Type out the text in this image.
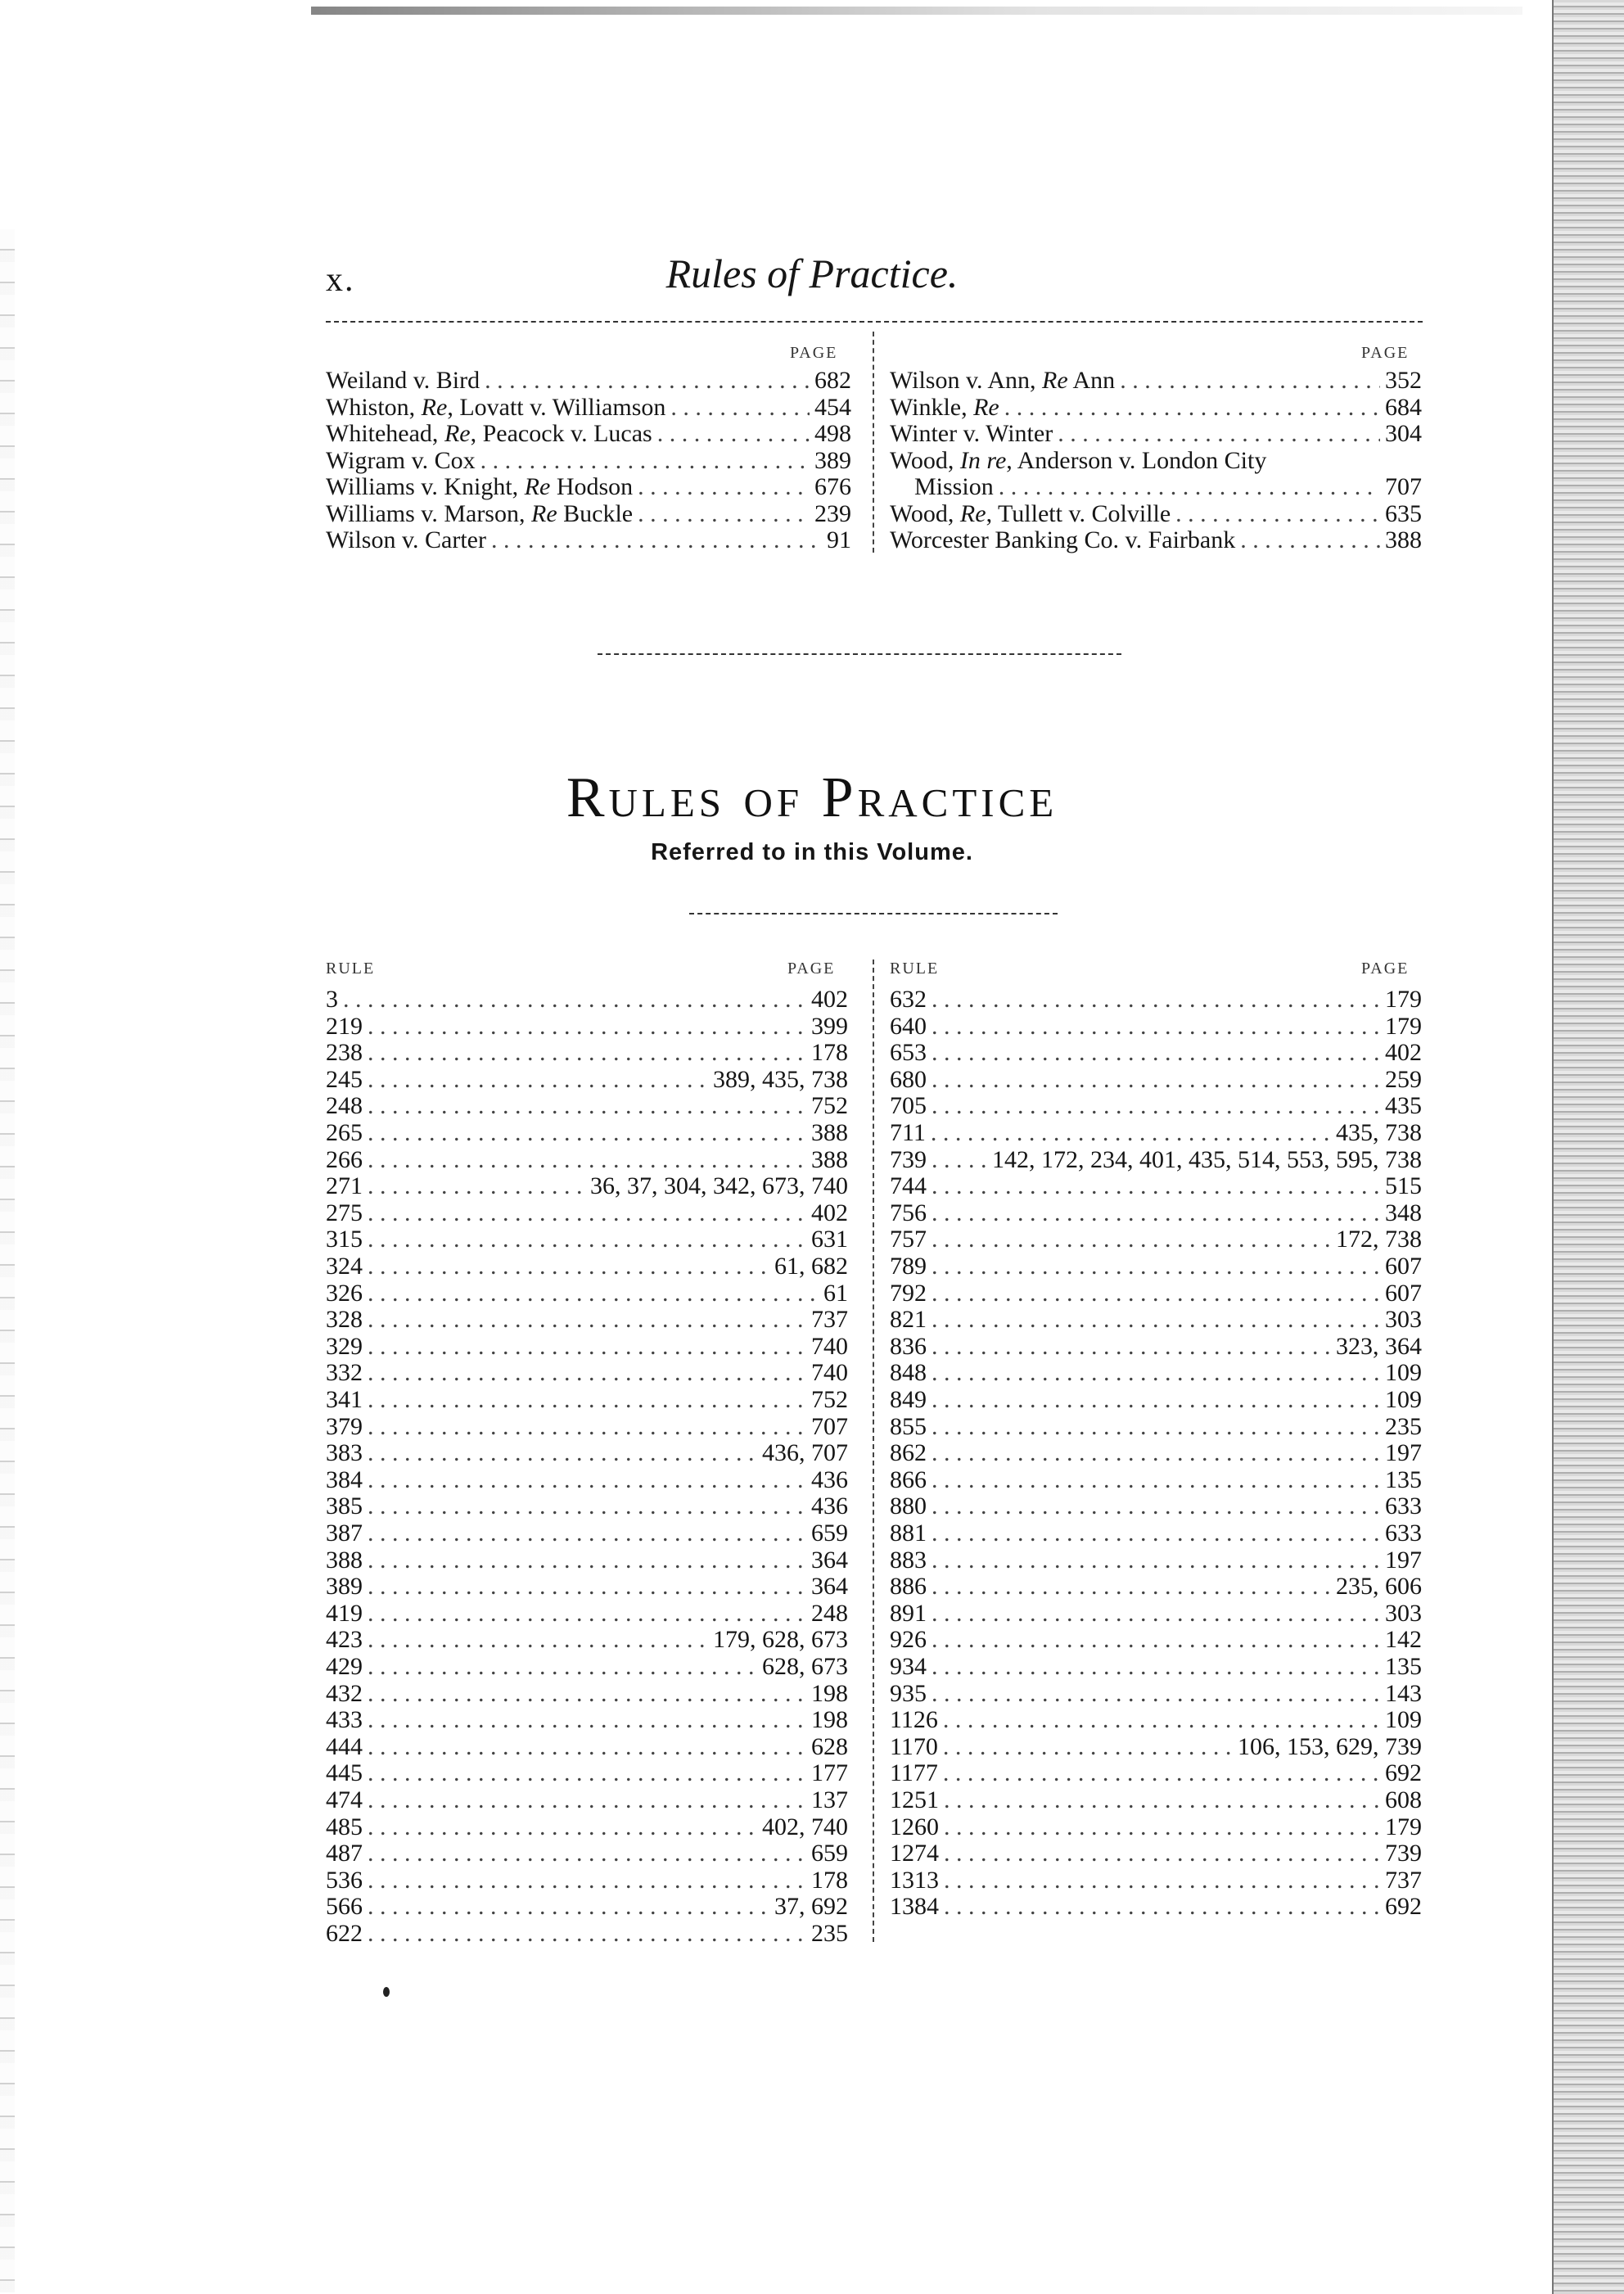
x.	Rules of Practice.
PAGE	PAGE
Weiland v. Bird . . .	682
Whiston, Re, Lovatt v. Williamson . . .	454
Whitehead, Re, Peacock v. Lucas . . .	498
Wigram v. Cox . . .	389
Williams v. Knight, Re Hodson . . .	676
Williams v. Marson, Re Buckle . . .	239
Wilson v. Carter . . .	91
Wilson v. Ann, Re Ann . . .	352
Winkle, Re . . .	684
Winter v. Winter . . .	304
Wood, In re, Anderson v. London City
Mission . . .	707
Wood, Re, Tullett v. Colville . . .	635
Worcester Banking Co. v. Fairbank . . .	388
Rules of Practice
Referred to in this Volume.
RULE	PAGE	RULE	PAGE
3 . . .	402
219 . . .	399
238 . . .	178
245 . . .	389, 435, 738
248 . . .	752
265 . . .	388
266 . . .	388
271 . . .	36, 37, 304, 342, 673, 740
275 . . .	402
315 . . .	631
324 . . .	61, 682
326 . . .	61
328 . . .	737
329 . . .	740
332 . . .	740
341 . . .	752
379 . . .	707
383 . . .	436, 707
384 . . .	436
385 . . .	436
387 . . .	659
388 . . .	364
389 . . .	364
419 . . .	248
423 . . .	179, 628, 673
429 . . .	628, 673
432 . . .	198
433 . . .	198
444 . . .	628
445 . . .	177
474 . . .	137
485 . . .	402, 740
487 . . .	659
536 . . .	178
566 . . .	37, 692
622 . . .	235
632 . . .	179
640 . . .	179
653 . . .	402
680 . . .	259
705 . . .	435
711 . . .	435, 738
739 . . .	142, 172, 234, 401, 435, 514, 553, 595, 738
744 . . .	515
756 . . .	348
757 . . .	172, 738
789 . . .	607
792 . . .	607
821 . . .	303
836 . . .	323, 364
848 . . .	109
849 . . .	109
855 . . .	235
862 . . .	197
866 . . .	135
880 . . .	633
881 . . .	633
883 . . .	197
886 . . .	235, 606
891 . . .	303
926 . . .	142
934 . . .	135
935 . . .	143
1126 . . .	109
1170 . . .	106, 153, 629, 739
1177 . . .	692
1251 . . .	608
1260 . . .	179
1274 . . .	739
1313 . . .	737
1384 . . .	692
